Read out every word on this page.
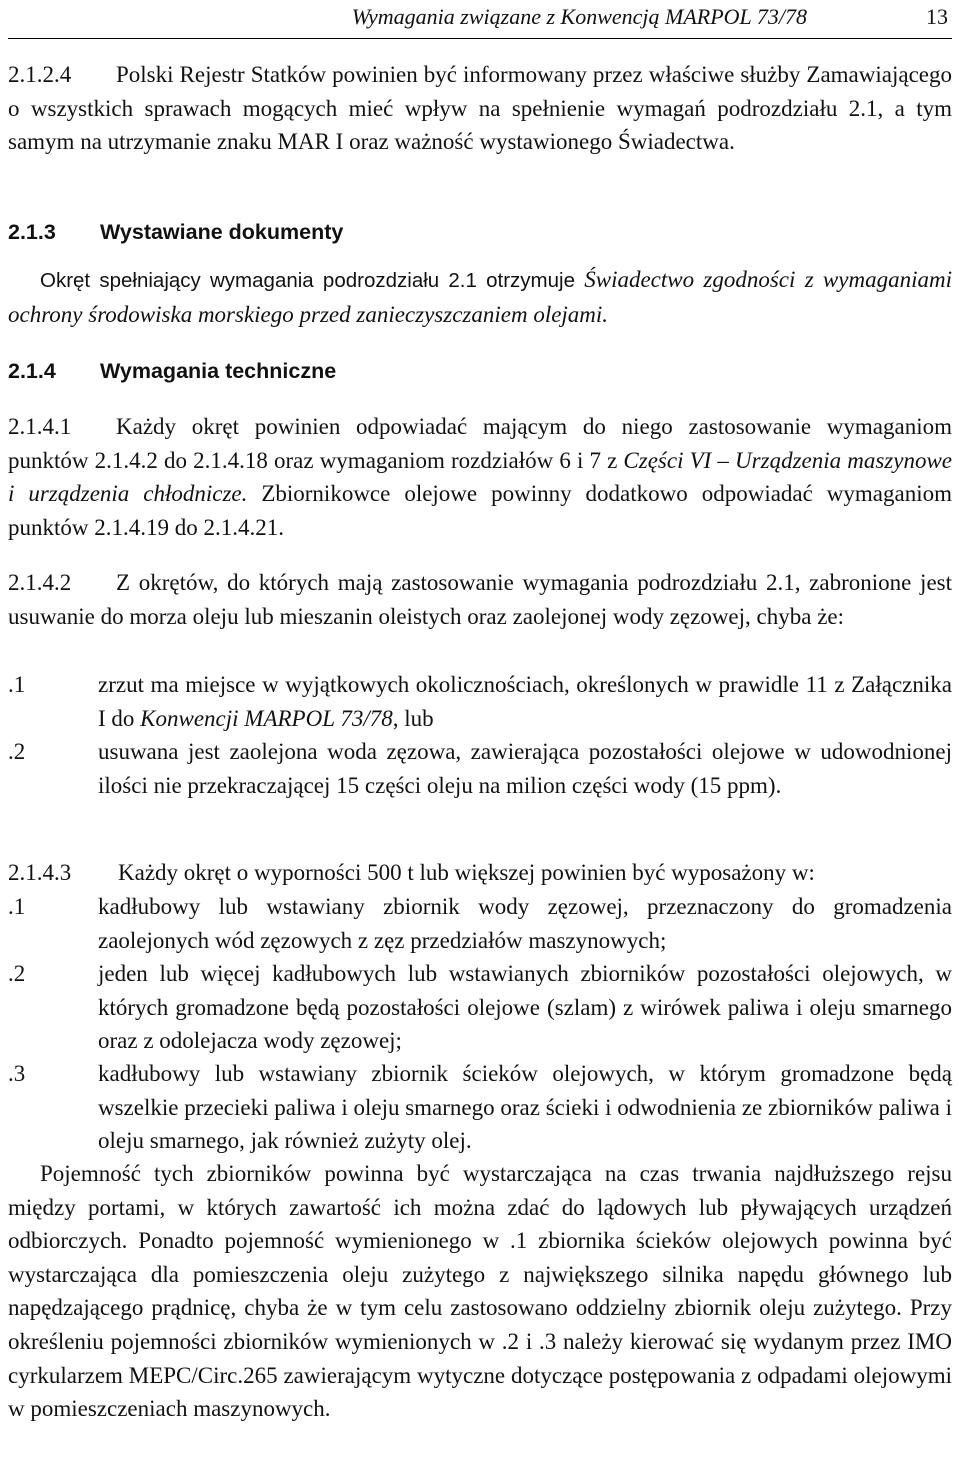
Wymagania związane z Konwencją MARPOL 73/78	13
2.1.2.4 Polski Rejestr Statków powinien być informowany przez właściwe służby Zamawiającego o wszystkich sprawach mogących mieć wpływ na spełnienie wymagań podrozdziału 2.1, a tym samym na utrzymanie znaku MAR I oraz ważność wystawionego Świadectwa.
2.1.3 Wystawiane dokumenty
Okręt spełniający wymagania podrozdziału 2.1 otrzymuje Świadectwo zgodności z wymaganiami ochrony środowiska morskiego przed zanieczyszczaniem olejami.
2.1.4 Wymagania techniczne
2.1.4.1 Każdy okręt powinien odpowiadać mającym do niego zastosowanie wymaganiom punktów 2.1.4.2 do 2.1.4.18 oraz wymaganiom rozdziałów 6 i 7 z Części VI – Urządzenia maszynowe i urządzenia chłodnicze. Zbiornikowce olejowe powinny dodatkowo odpowiadać wymaganiom punktów 2.1.4.19 do 2.1.4.21.
2.1.4.2 Z okrętów, do których mają zastosowanie wymagania podrozdziału 2.1, zabronione jest usuwanie do morza oleju lub mieszanin oleistych oraz zaolejonej wody zęzowej, chyba że:
.1	zrzut ma miejsce w wyjątkowych okolicznościach, określonych w prawidle 11 z Załącznika I do Konwencji MARPOL 73/78, lub
.2	usuwana jest zaolejona woda zęzowa, zawierająca pozostałości olejowe w udowodnionej ilości nie przekraczającej 15 części oleju na milion części wody (15 ppm).
2.1.4.3 Każdy okręt o wyporności 500 t lub większej powinien być wyposażony w:
.1	kadłubowy lub wstawiany zbiornik wody zęzowej, przeznaczony do gromadzenia zaolejonych wód zęzowych z zęz przedziałów maszynowych;
.2	jeden lub więcej kadłubowych lub wstawianych zbiorników pozostałości olejowych, w których gromadzone będą pozostałości olejowe (szlam) z wirówek paliwa i oleju smarnego oraz z odolejacza wody zęzowej;
.3	kadłubowy lub wstawiany zbiornik ścieków olejowych, w którym gromadzone będą wszelkie przecieki paliwa i oleju smarnego oraz ścieki i odwodnienia ze zbiorników paliwa i oleju smarnego, jak również zużyty olej.
Pojemność tych zbiorników powinna być wystarczająca na czas trwania najdłuższego rejsu między portami, w których zawartość ich można zdać do lądowych lub pływających urządzeń odbiorczych. Ponadto pojemność wymienionego w .1 zbiornika ścieków olejowych powinna być wystarczająca dla pomieszczenia oleju zużytego z największego silnika napędu głównego lub napędzającego prądnicę, chyba że w tym celu zastosowano oddzielny zbiornik oleju zużytego. Przy określeniu pojemności zbiorników wymienionych w .2 i .3 należy kierować się wydanym przez IMO cyrkularzem MEPC/Circ.265 zawierającym wytyczne dotyczące postępowania z odpadami olejowymi w pomieszczeniach maszynowych.
